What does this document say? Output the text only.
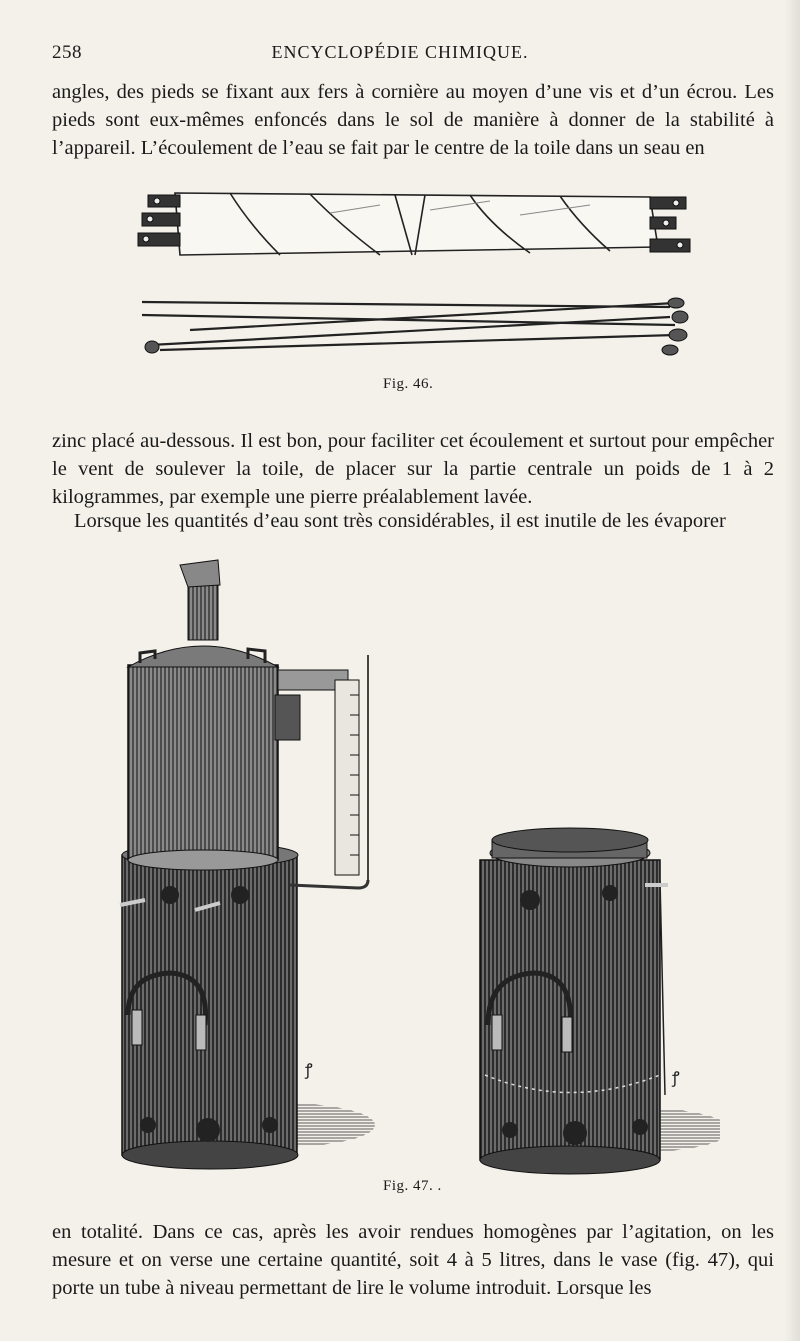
258	ENCYCLOPÉDIE CHIMIQUE.

angles, des pieds se fixant aux fers à cornière au moyen d’une vis et d’un écrou. Les pieds sont eux-mêmes enfoncés dans le sol de manière à donner de la stabilité à l’appareil. L’écoulement de l’eau se fait par le centre de la toile dans un seau en

Fig. 46.

zinc placé au-dessous. Il est bon, pour faciliter cet écoulement et surtout pour empêcher le vent de soulever la toile, de placer sur la partie centrale un poids de 1 à 2 kilogrammes, par exemple une pierre préalablement lavée.

Lorsque les quantités d’eau sont très considérables, il est inutile de les évaporer

ꝭ	ꝭ
Fig. 47. .

en totalité. Dans ce cas, après les avoir rendues homogènes par l’agitation, on les mesure et on verse une certaine quantité, soit 4 à 5 litres, dans le vase (fig. 47), qui porte un tube à niveau permettant de lire le volume introduit. Lorsque les
